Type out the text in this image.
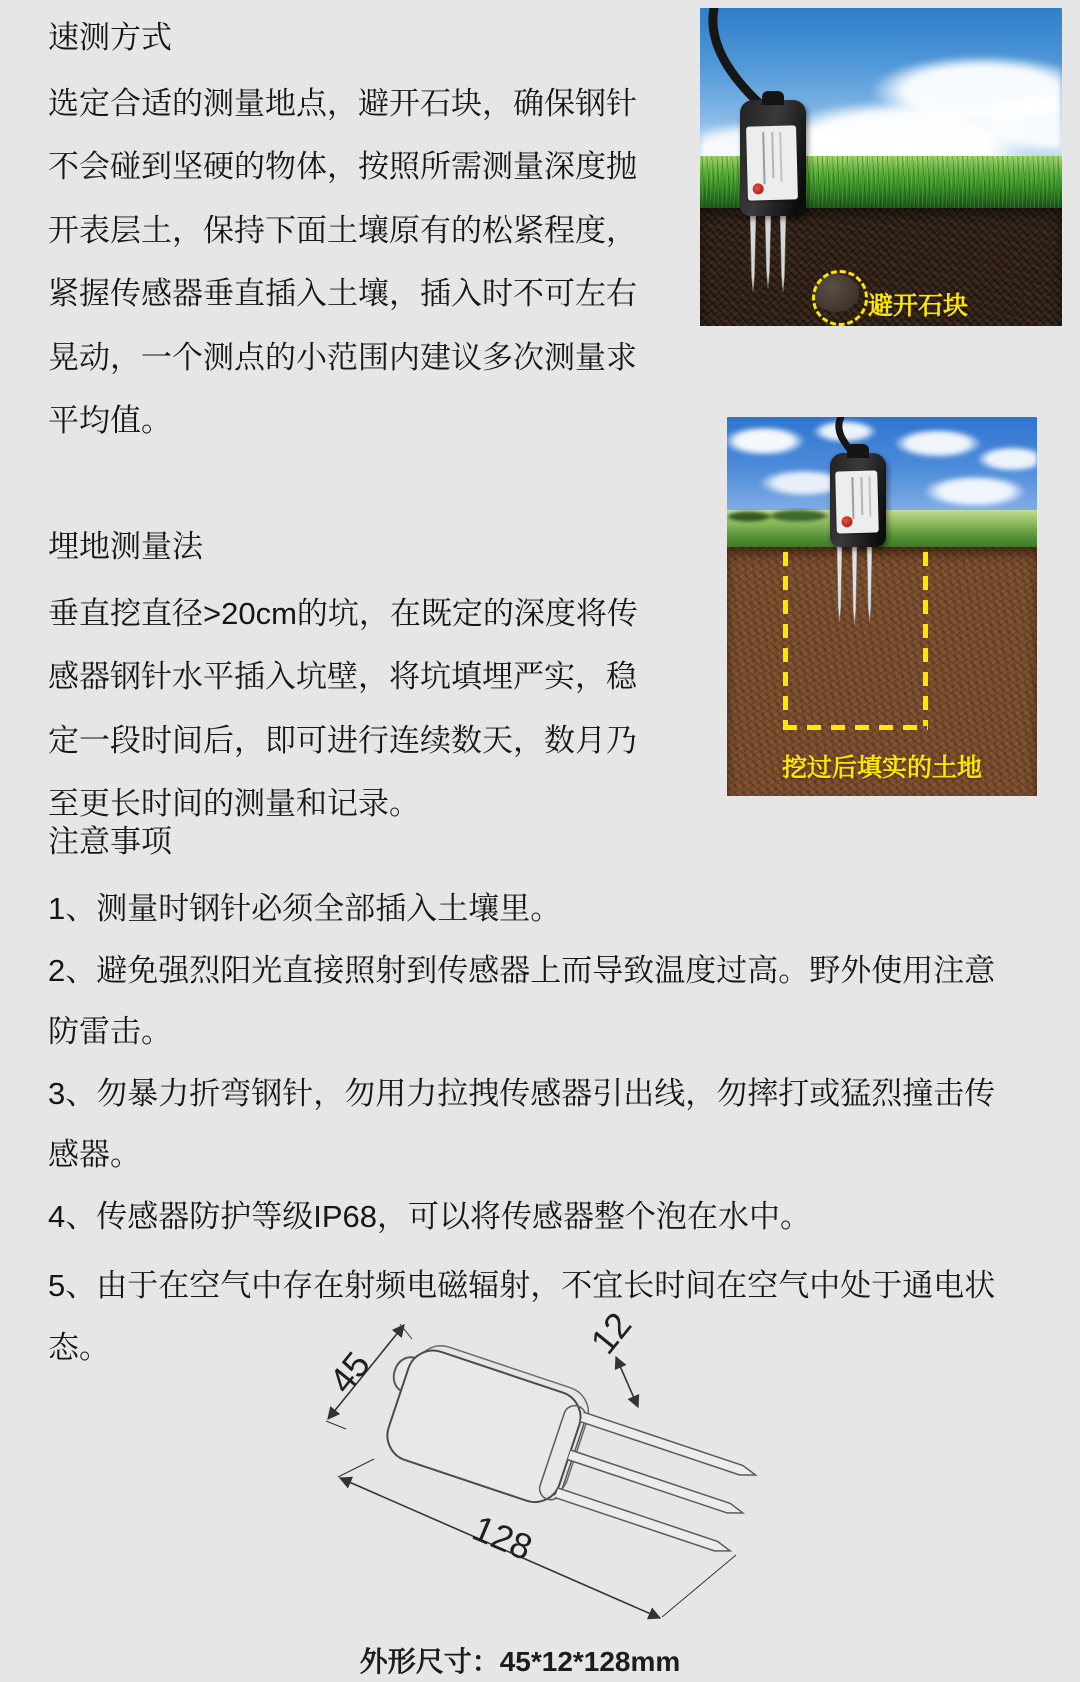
速测方式

选定合适的测量地点，避开石块，确保钢针不会碰到坚硬的物体，按照所需测量深度抛开表层土，保持下面土壤原有的松紧程度，紧握传感器垂直插入土壤，插入时不可左右晃动，一个测点的小范围内建议多次测量求平均值。

避开石块
埋地测量法

垂直挖直径>20cm的坑，在既定的深度将传感器钢针水平插入坑壁，将坑填埋严实，稳定一段时间后，即可进行连续数天，数月乃至更长时间的测量和记录。

挖过后填实的土地
注意事项

1、测量时钢针必须全部插入土壤里。

2、避免强烈阳光直接照射到传感器上而导致温度过高。野外使用注意防雷击。

3、勿暴力折弯钢针，勿用力拉拽传感器引出线，勿摔打或猛烈撞击传感器。

4、传感器防护等级IP68，可以将传感器整个泡在水中。

5、由于在空气中存在射频电磁辐射，不宜长时间在空气中处于通电状态。	45
12
128

外形尺寸：45*12*128mm
